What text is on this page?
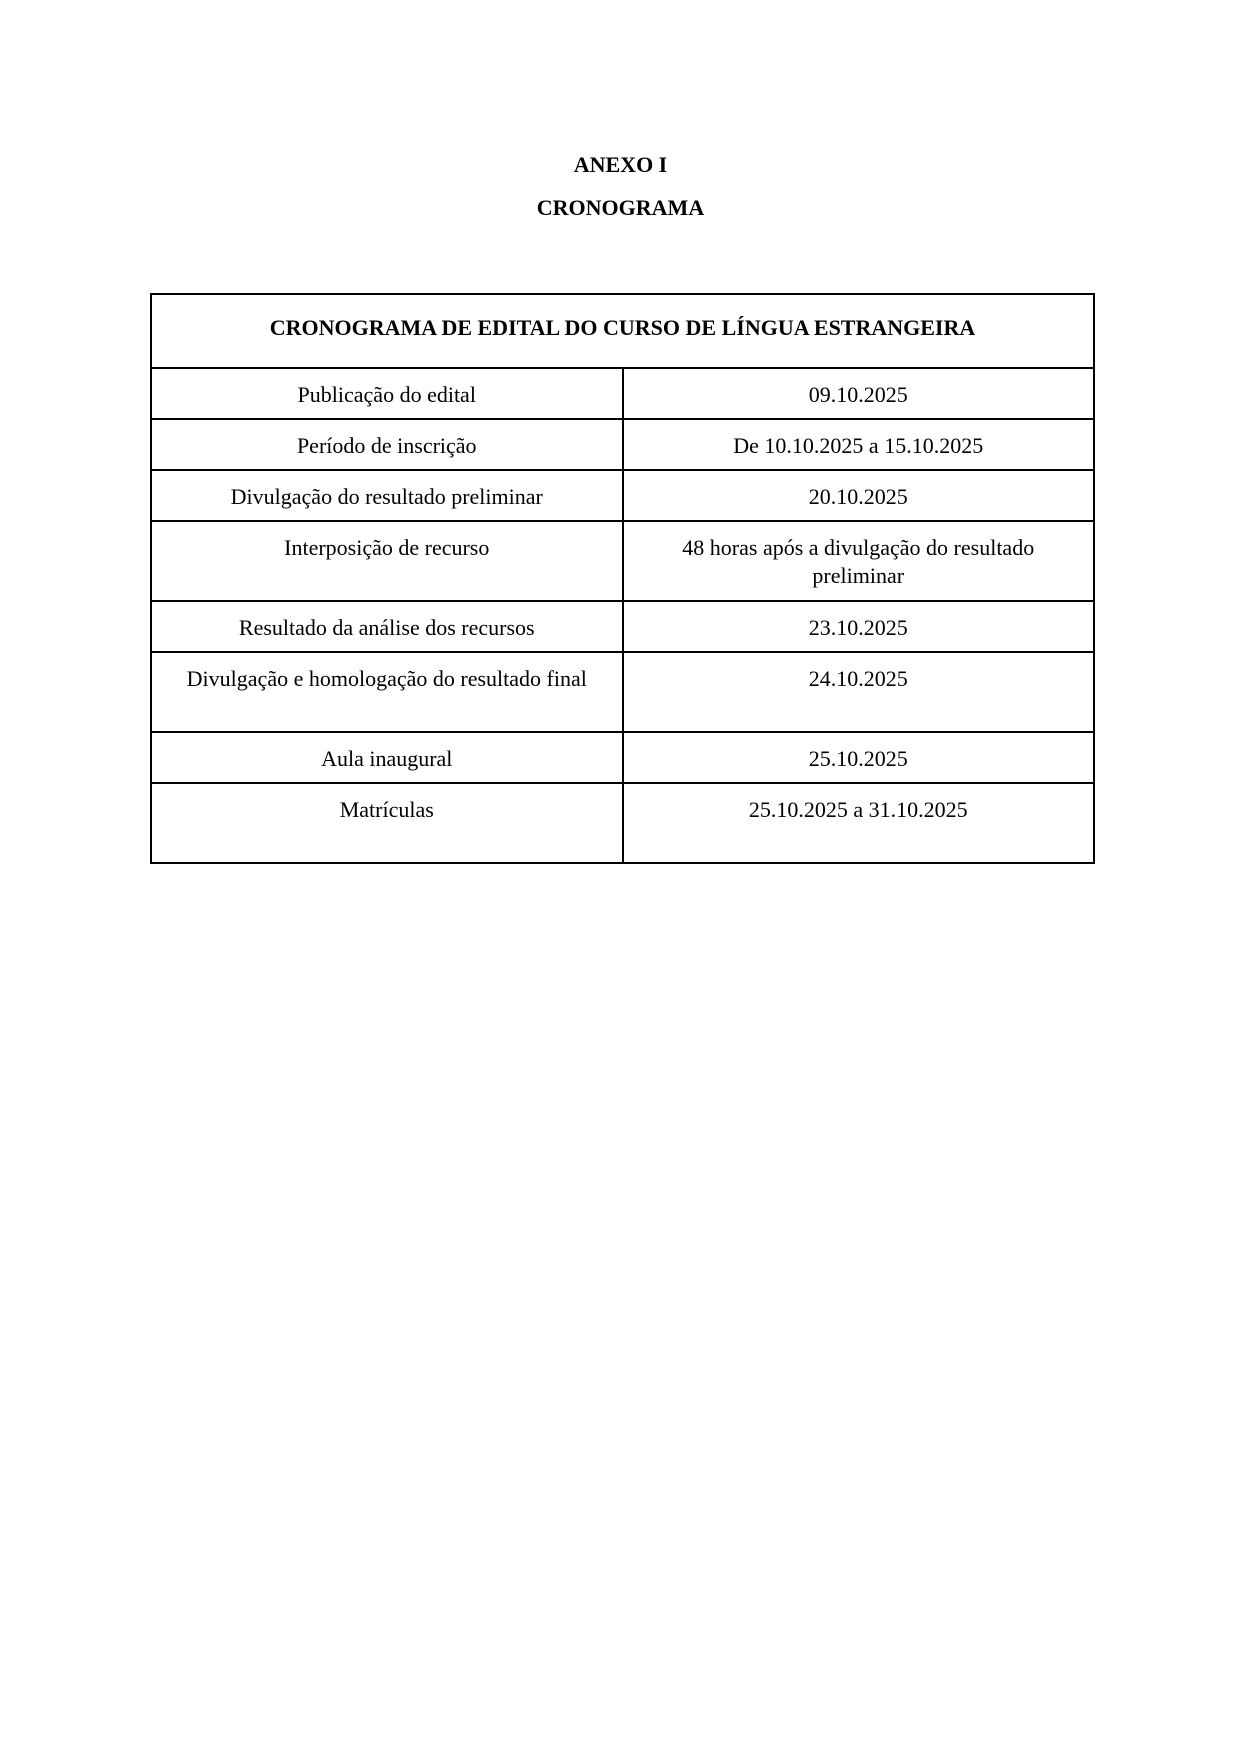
ANEXO I
CRONOGRAMA
CRONOGRAMA DE EDITAL DO CURSO DE LÍNGUA ESTRANGEIRA	
Publicação do edital	09.10.2025
Período de inscrição	De 10.10.2025 a 15.10.2025
Divulgação do resultado preliminar	20.10.2025
Interposição de recurso	48 horas após a divulgação do resultado preliminar
Resultado da análise dos recursos	23.10.2025
Divulgação e homologação do resultado final	24.10.2025
Aula inaugural	25.10.2025
Matrículas	25.10.2025 a 31.10.2025
